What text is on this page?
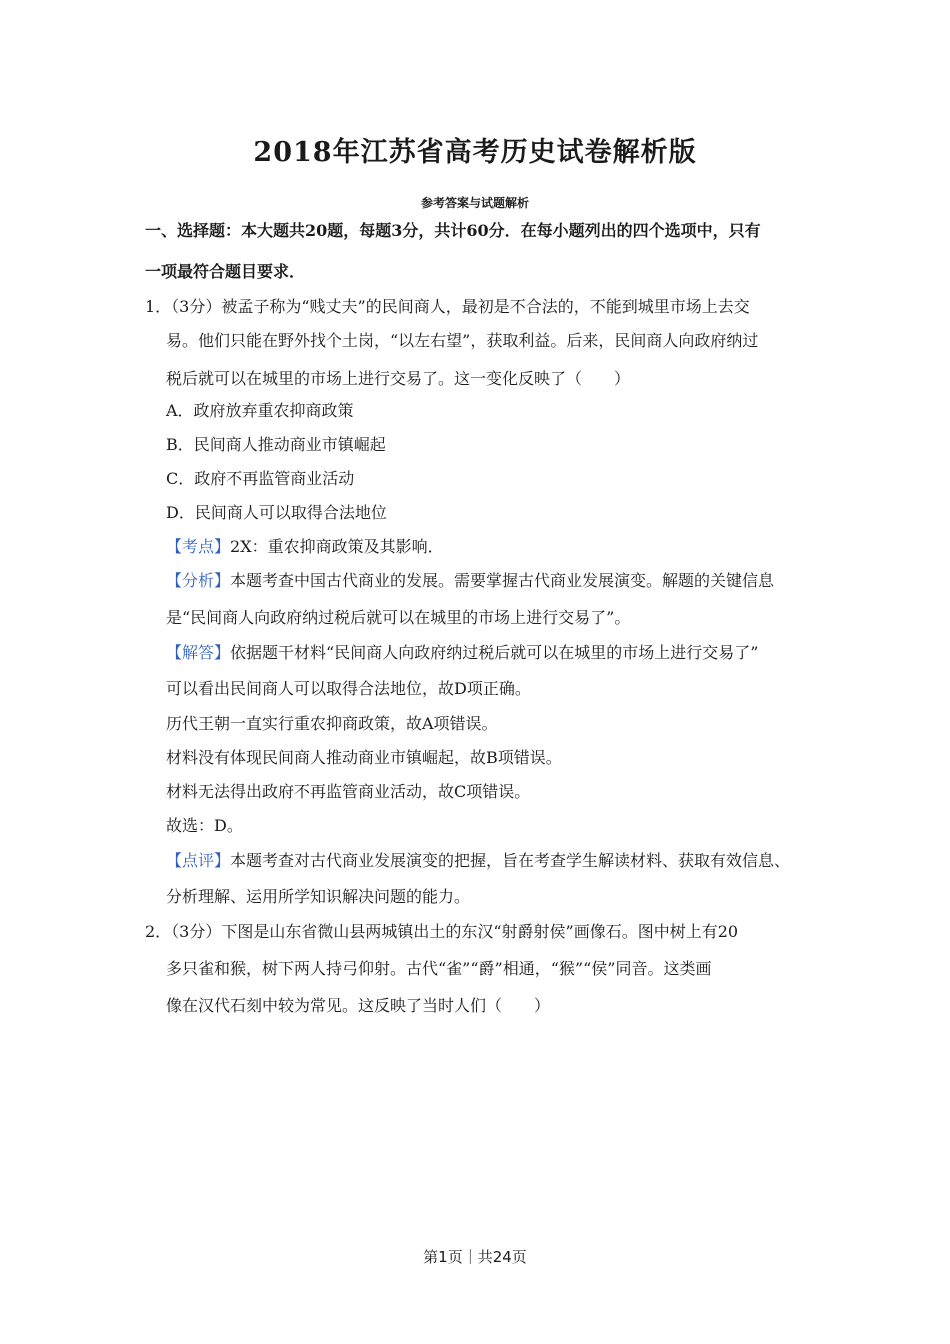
2018年江苏省高考历史试卷解析版
参考答案与试题解析
一、选择题：本大题共20题，每题3分，共计60分．在每小题列出的四个选项中，只有
一项最符合题目要求．
1．（3分）被孟子称为“贱丈夫”的民间商人，最初是不合法的，不能到城里市场上去交
易。他们只能在野外找个土岗，“以左右望”，获取利益。后来，民间商人向政府纳过
税后就可以在城里的市场上进行交易了。这一变化反映了（　　）
A．政府放弃重农抑商政策
B．民间商人推动商业市镇崛起
C．政府不再监管商业活动
D．民间商人可以取得合法地位
【考点】2X：重农抑商政策及其影响．
【分析】本题考查中国古代商业的发展。需要掌握古代商业发展演变。解题的关键信息
是“民间商人向政府纳过税后就可以在城里的市场上进行交易了”。
【解答】依据题干材料“民间商人向政府纳过税后就可以在城里的市场上进行交易了”
可以看出民间商人可以取得合法地位，故D项正确。
历代王朝一直实行重农抑商政策，故A项错误。
材料没有体现民间商人推动商业市镇崛起，故B项错误。
材料无法得出政府不再监管商业活动，故C项错误。
故选：D。
【点评】本题考查对古代商业发展演变的把握，旨在考查学生解读材料、获取有效信息、
分析理解、运用所学知识解决问题的能力。
2．（3分）下图是山东省微山县两城镇出土的东汉“射爵射侯”画像石。图中树上有20
多只雀和猴，树下两人持弓仰射。古代“雀”“爵”相通，“猴”“侯”同音。这类画
像在汉代石刻中较为常见。这反映了当时人们（　　）
第1页｜共24页
